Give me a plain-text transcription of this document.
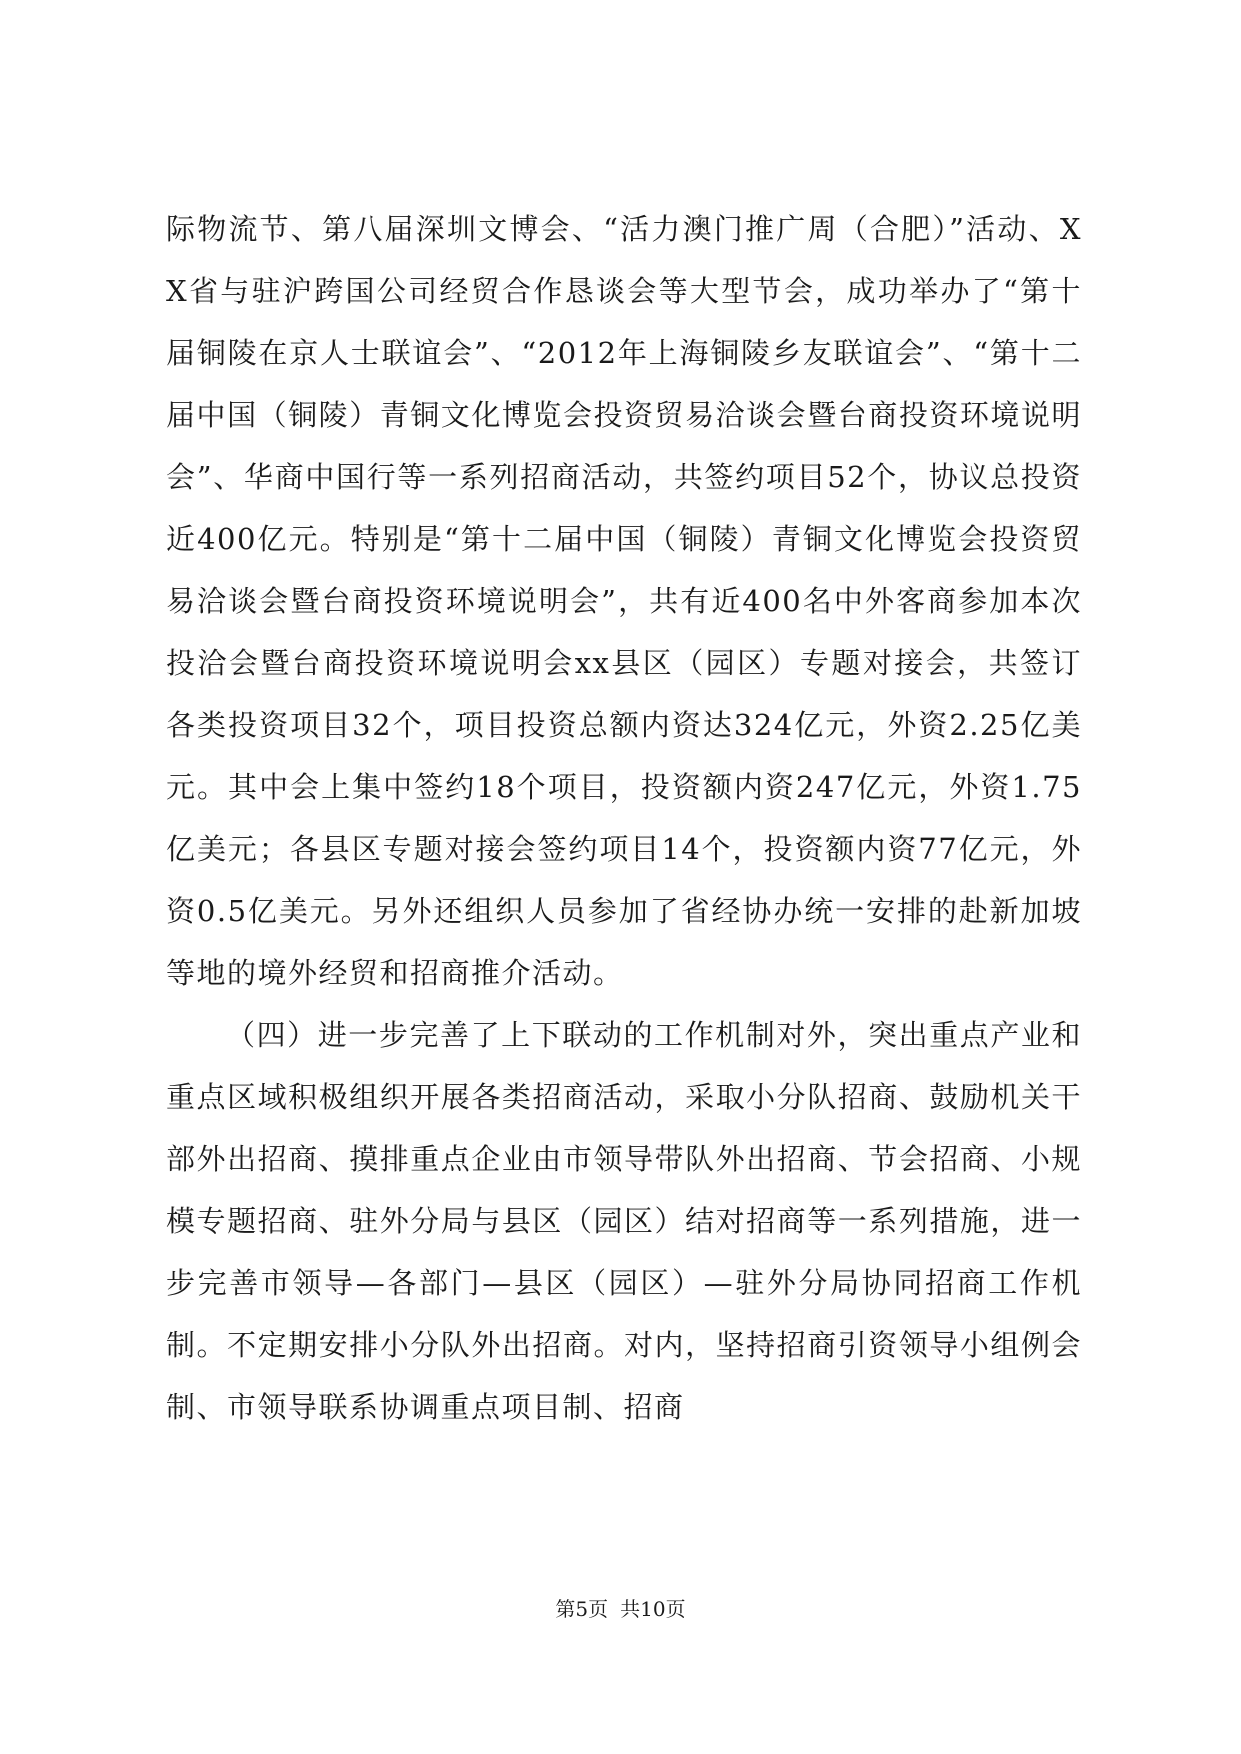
际物流节、第八届深圳文博会、“活力澳门推广周（合肥）”活动、XX省与驻沪跨国公司经贸合作恳谈会等大型节会，成功举办了“第十届铜陵在京人士联谊会”、“2012年上海铜陵乡友联谊会”、“第十二届中国（铜陵）青铜文化博览会投资贸易洽谈会暨台商投资环境说明会”、华商中国行等一系列招商活动，共签约项目52个，协议总投资近400亿元。特别是“第十二届中国（铜陵）青铜文化博览会投资贸易洽谈会暨台商投资环境说明会”，共有近400名中外客商参加本次投洽会暨台商投资环境说明会xx县区（园区）专题对接会，共签订各类投资项目32个，项目投资总额内资达324亿元，外资2.25亿美元。其中会上集中签约18个项目，投资额内资247亿元，外资1.75亿美元；各县区专题对接会签约项目14个，投资额内资77亿元，外资0.5亿美元。另外还组织人员参加了省经协办统一安排的赴新加坡等地的境外经贸和招商推介活动。

（四）进一步完善了上下联动的工作机制对外，突出重点产业和重点区域积极组织开展各类招商活动，采取小分队招商、鼓励机关干部外出招商、摸排重点企业由市领导带队外出招商、节会招商、小规模专题招商、驻外分局与县区（园区）结对招商等一系列措施，进一步完善市领导—各部门—县区（园区）—驻外分局协同招商工作机制。不定期安排小分队外出招商。对内，坚持招商引资领导小组例会制、市领导联系协调重点项目制、招商

第5页 共10页
